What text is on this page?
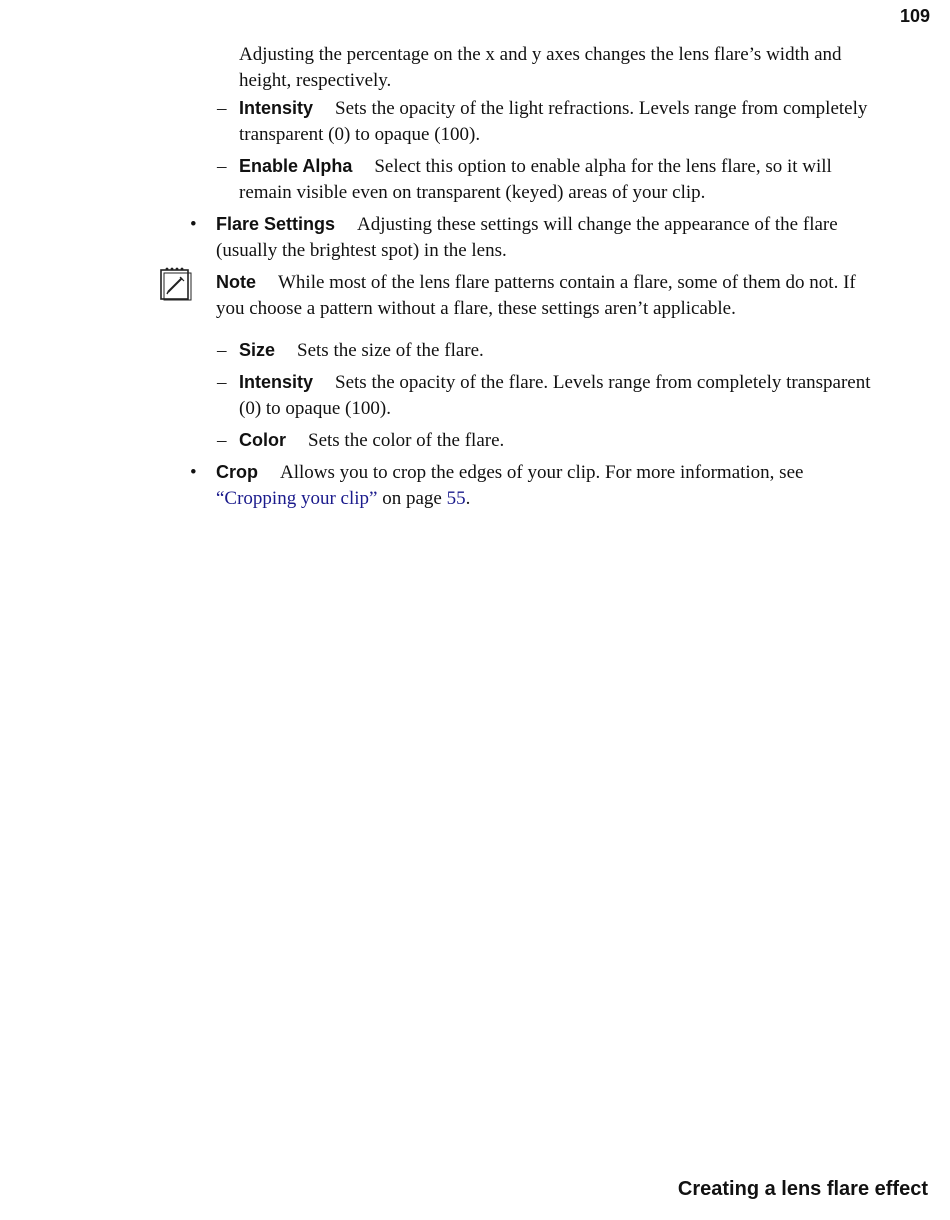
109
Adjusting the percentage on the x and y axes changes the lens flare’s width and height, respectively.
– Intensity Sets the opacity of the light refractions. Levels range from completely transparent (0) to opaque (100).
– Enable Alpha Select this option to enable alpha for the lens flare, so it will remain visible even on transparent (keyed) areas of your clip.
• Flare Settings Adjusting these settings will change the appearance of the flare (usually the brightest spot) in the lens.
Note While most of the lens flare patterns contain a flare, some of them do not. If you choose a pattern without a flare, these settings aren’t applicable.
– Size Sets the size of the flare.
– Intensity Sets the opacity of the flare. Levels range from completely transparent (0) to opaque (100).
– Color Sets the color of the flare.
• Crop Allows you to crop the edges of your clip. For more information, see “Cropping your clip” on page 55.
Creating a lens flare effect
